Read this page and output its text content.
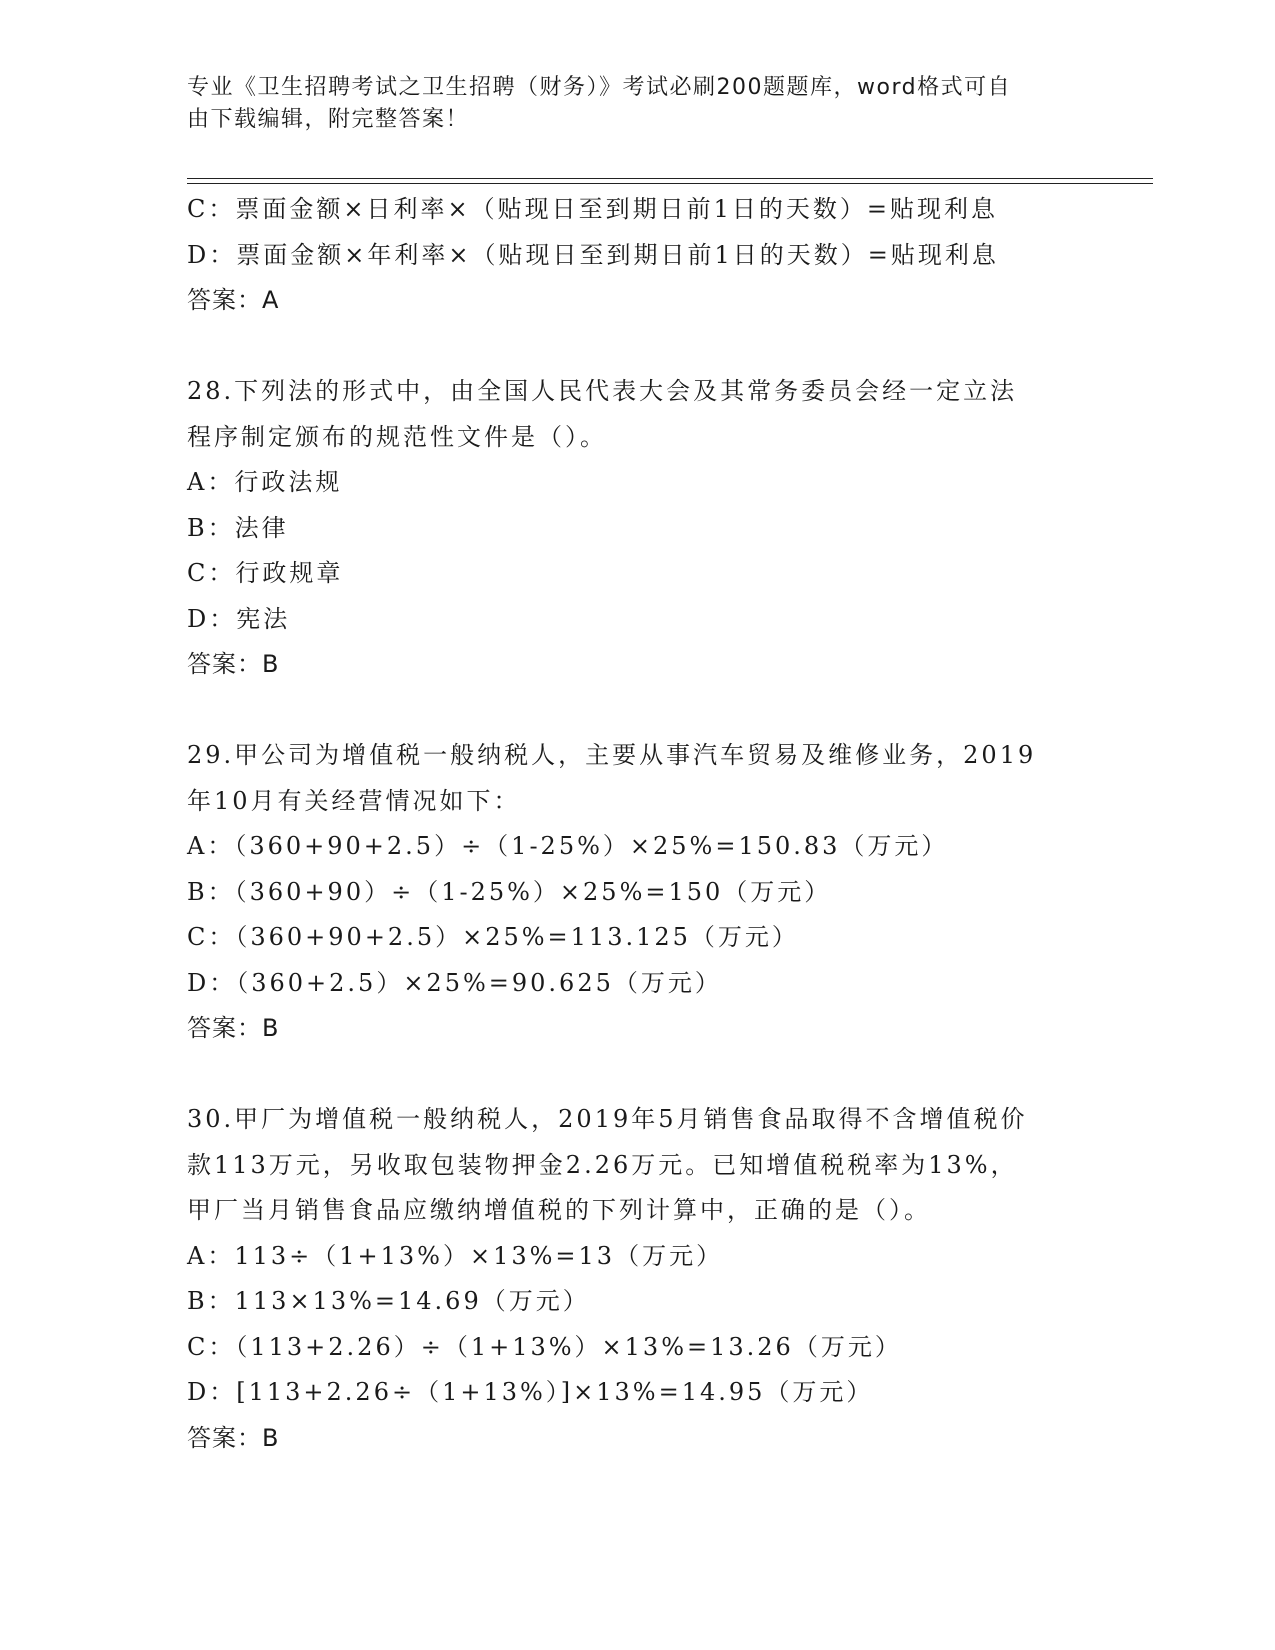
专业《卫生招聘考试之卫生招聘（财务）》考试必刷200题题库，word格式可自
由下载编辑，附完整答案！
C：票面金额×日利率×（贴现日至到期日前1日的天数）=贴现利息
D：票面金额×年利率×（贴现日至到期日前1日的天数）=贴现利息
答案：A
28.下列法的形式中，由全国人民代表大会及其常务委员会经一定立法
程序制定颁布的规范性文件是（）。
A：行政法规
B：法律
C：行政规章
D：宪法
答案：B
29.甲公司为增值税一般纳税人，主要从事汽车贸易及维修业务，2019
年10月有关经营情况如下：
A：（360+90+2.5）÷（1-25%）×25%=150.83（万元）
B：（360+90）÷（1-25%）×25%=150（万元）
C：（360+90+2.5）×25%=113.125（万元）
D：（360+2.5）×25%=90.625（万元）
答案：B
30.甲厂为增值税一般纳税人，2019年5月销售食品取得不含增值税价
款113万元，另收取包装物押金2.26万元。已知增值税税率为13%，
甲厂当月销售食品应缴纳增值税的下列计算中，正确的是（）。
A：113÷（1+13%）×13%=13（万元）
B：113×13%=14.69（万元）
C：（113+2.26）÷（1+13%）×13%=13.26（万元）
D：[113+2.26÷（1+13%）]×13%=14.95（万元）
答案：B
